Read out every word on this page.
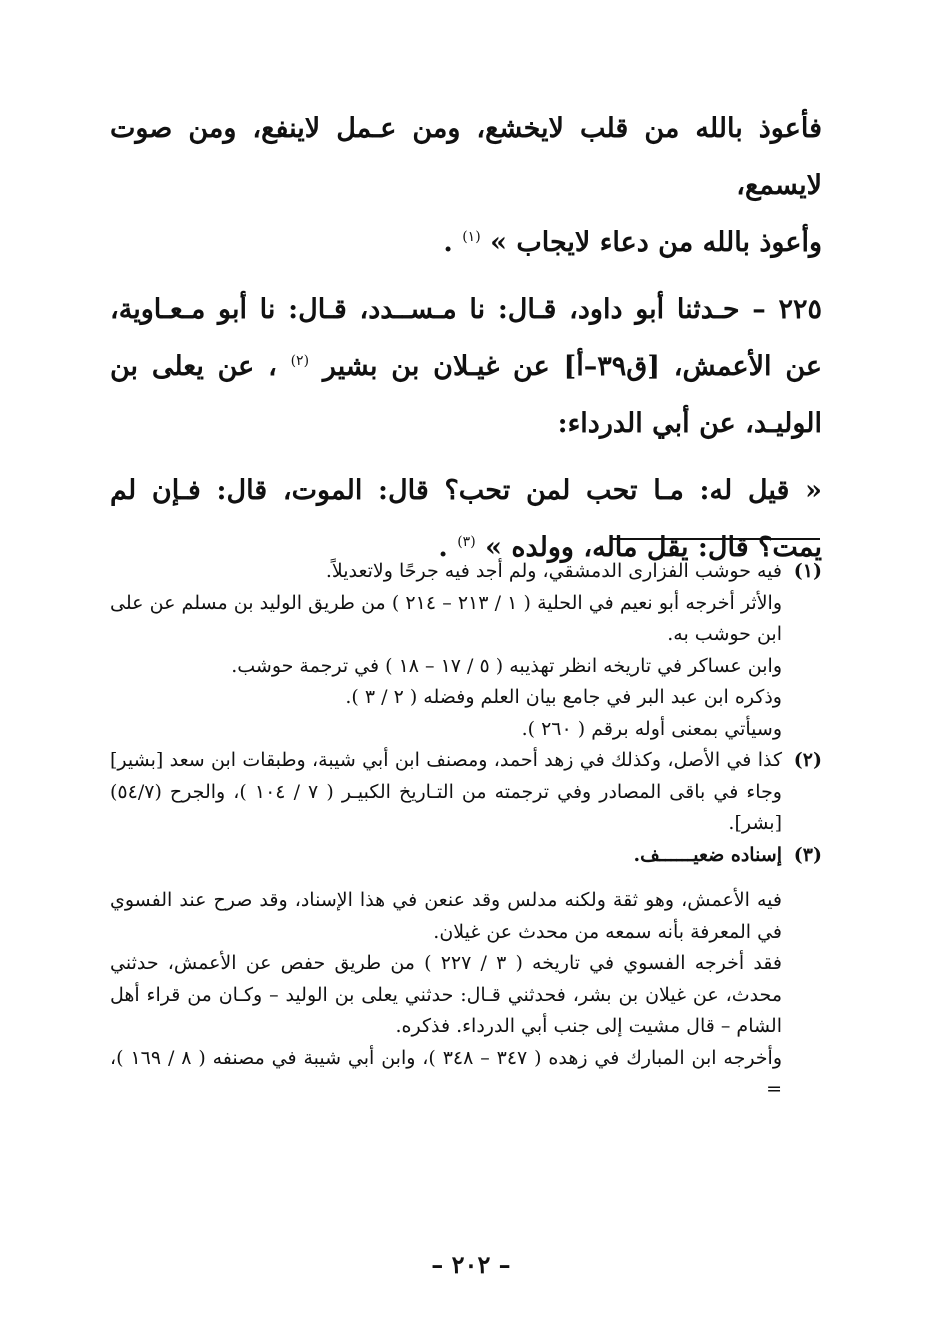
فأعوذ بالله من قلب لايخشع، ومن عـمل لاينفع، ومن صوت لايسمع،
وأعوذ بالله من دعاء لايجاب » $^{(١)}$ .

٢٢٥ – حـدثنا أبو داود، قـال: نا مـســدد، قـال: نا أبو مـعـاوية، عن الأعمش، [ق٣٩–أ] عن غيـلان بن بشير $^{(٢)}$ ، عن يعلى بن الوليـد، عن أبي الدرداء:

« قيل له: مـا تحب لمن تحب؟ قال: الموت، قال: فـإن لم يمت؟ قال: يقل ماله، وولده » $^{(٣)}$ .

(١)

فيه حوشب الفزارى الدمشقي، ولم أجد فيه جرحًا ولاتعديلاً.

والأثر أخرجه أبو نعيم في الحلية ( ١ / ٢١٣ – ٢١٤ ) من طريق الوليد بن مسلم عن على ابن حوشب به.

وابن عساكر في تاريخه انظر تهذيبه ( ٥ / ١٧ – ١٨ ) في ترجمة حوشب.

وذكره ابن عبد البر في جامع بيان العلم وفضله ( ٢ / ٣ ).

وسيأتي بمعنى أوله برقم ( ٢٦٠ ).

(٢)

كذا في الأصل، وكذلك في زهد أحمد، ومصنف ابن أبي شيبة، وطبقات ابن سعد [بشير] وجاء في باقى المصادر وفي ترجمته من التـاريخ الكبيـر ( ٧ / ١٠٤ )، والجرح (٥٤/٧) [بشر].

(٣)

إسناده ضعيــــــف.

فيه الأعمش، وهو ثقة ولكنه مدلس وقد عنعن في هذا الإسناد، وقد صرح عند الفسوي في المعرفة بأنه سمعه من محدث عن غيلان.

فقد أخرجه الفسوي في تاريخه ( ٣ / ٢٢٧ ) من طريق حفص عن الأعمش، حدثني محدث، عن غيلان بن بشر، فحدثني قـال: حدثني يعلى بن الوليد – وكـان من قراء أهل الشام – قال مشيت إلى جنب أبي الدرداء. فذكره.

وأخرجه ابن المبارك في زهده ( ٣٤٧ – ٣٤٨ )، وابن أبي شيبة في مصنفه ( ٨ / ١٦٩ )، =

– ٢٠٢ –
